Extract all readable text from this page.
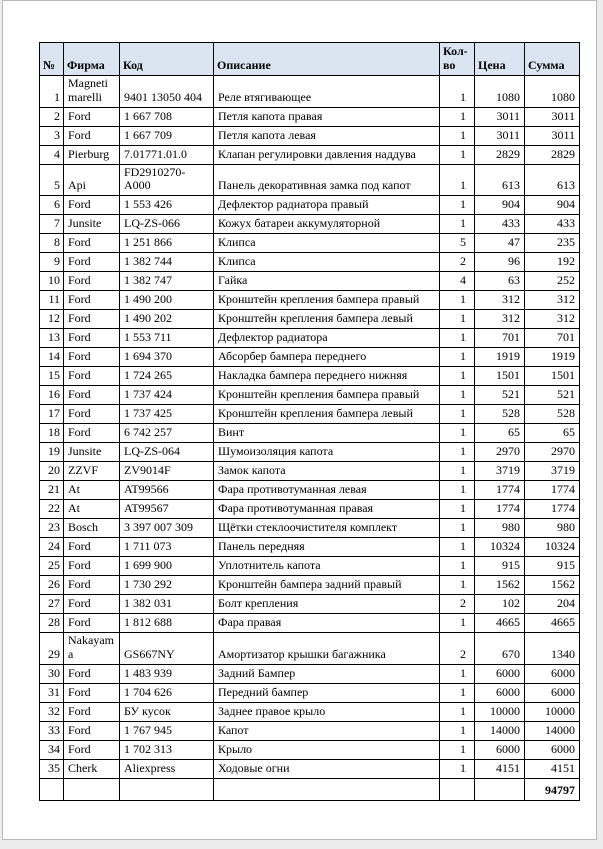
№	Фирма	Код	Описание	Кол-во	Цена	Сумма
1	Magneti marelli	9401 13050 404	Реле втягивающее	1	1080	1080
2	Ford	1 667 708	Петля капота правая	1	3011	3011
3	Ford	1 667 709	Петля капота левая	1	3011	3011
4	Pierburg	7.01771.01.0	Клапан регулировки давления наддува	1	2829	2829
5	Api	FD2910270-A000	Панель декоративная замка под капот	1	613	613
6	Ford	1 553 426	Дефлектор радиатора правый	1	904	904
7	Junsite	LQ-ZS-066	Кожух батареи аккумуляторной	1	433	433
8	Ford	1 251 866	Клипса	5	47	235
9	Ford	1 382 744	Клипса	2	96	192
10	Ford	1 382 747	Гайка	4	63	252
11	Ford	1 490 200	Кронштейн крепления бампера правый	1	312	312
12	Ford	1 490 202	Кронштейн крепления бампера левый	1	312	312
13	Ford	1 553 711	Дефлектор радиатора	1	701	701
14	Ford	1 694 370	Абсорбер бампера переднего	1	1919	1919
15	Ford	1 724 265	Накладка бампера переднего нижняя	1	1501	1501
16	Ford	1 737 424	Кронштейн крепления бампера правый	1	521	521
17	Ford	1 737 425	Кронштейн крепления бампера левый	1	528	528
18	Ford	6 742 257	Винт	1	65	65
19	Junsite	LQ-ZS-064	Шумоизоляция капота	1	2970	2970
20	ZZVF	ZV9014F	Замок капота	1	3719	3719
21	At	AT99566	Фара противотуманная левая	1	1774	1774
22	At	AT99567	Фара противотуманная правая	1	1774	1774
23	Bosch	3 397 007 309	Щётки стеклоочистителя комплект	1	980	980
24	Ford	1 711 073	Панель передняя	1	10324	10324
25	Ford	1 699 900	Уплотнитель капота	1	915	915
26	Ford	1 730 292	Кронштейн бампера задний правый	1	1562	1562
27	Ford	1 382 031	Болт крепления	2	102	204
28	Ford	1 812 688	Фара правая	1	4665	4665
29	Nakayama	GS667NY	Амортизатор крышки багажника	2	670	1340
30	Ford	1 483 939	Задний Бампер	1	6000	6000
31	Ford	1 704 626	Передний бампер	1	6000	6000
32	Ford	БУ кусок	Заднее правое крыло	1	10000	10000
33	Ford	1 767 945	Капот	1	14000	14000
34	Ford	1 702 313	Крыло	1	6000	6000
35	Cherk	Aliexpress	Ходовые огни	1	4151	4151
						94797
